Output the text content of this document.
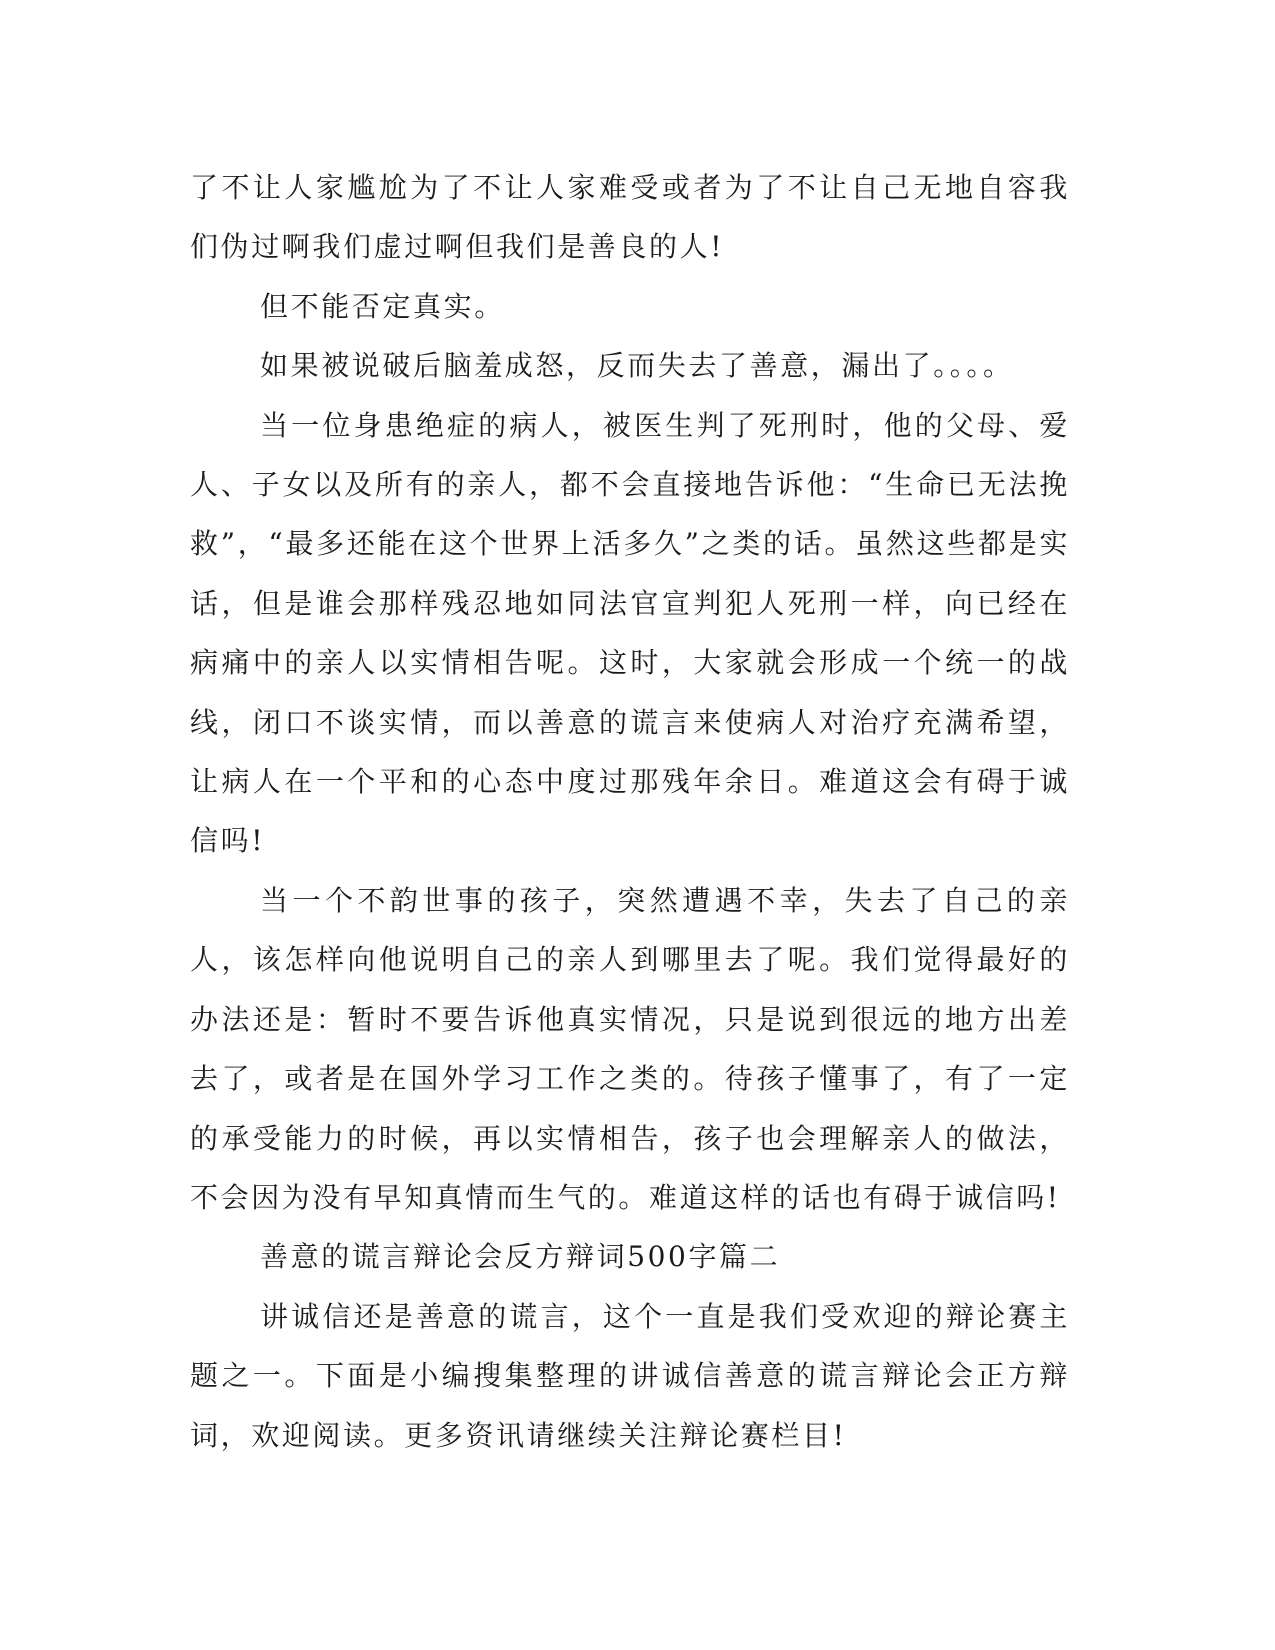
了不让人家尴尬为了不让人家难受或者为了不让自己无地自容我们伪过啊我们虚过啊但我们是善良的人!

但不能否定真实。

如果被说破后脑羞成怒，反而失去了善意，漏出了。。。。

当一位身患绝症的病人，被医生判了死刑时，他的父母、爱人、子女以及所有的亲人，都不会直接地告诉他：“生命已无法挽救”，“最多还能在这个世界上活多久”之类的话。虽然这些都是实话，但是谁会那样残忍地如同法官宣判犯人死刑一样，向已经在病痛中的亲人以实情相告呢。这时，大家就会形成一个统一的战线，闭口不谈实情，而以善意的谎言来使病人对治疗充满希望，让病人在一个平和的心态中度过那残年余日。难道这会有碍于诚信吗!

当一个不韵世事的孩子，突然遭遇不幸，失去了自己的亲人，该怎样向他说明自己的亲人到哪里去了呢。我们觉得最好的办法还是：暂时不要告诉他真实情况，只是说到很远的地方出差去了，或者是在国外学习工作之类的。待孩子懂事了，有了一定的承受能力的时候，再以实情相告，孩子也会理解亲人的做法，不会因为没有早知真情而生气的。难道这样的话也有碍于诚信吗!

善意的谎言辩论会反方辩词500字篇二

讲诚信还是善意的谎言，这个一直是我们受欢迎的辩论赛主题之一。下面是小编搜集整理的讲诚信善意的谎言辩论会正方辩词，欢迎阅读。更多资讯请继续关注辩论赛栏目!
